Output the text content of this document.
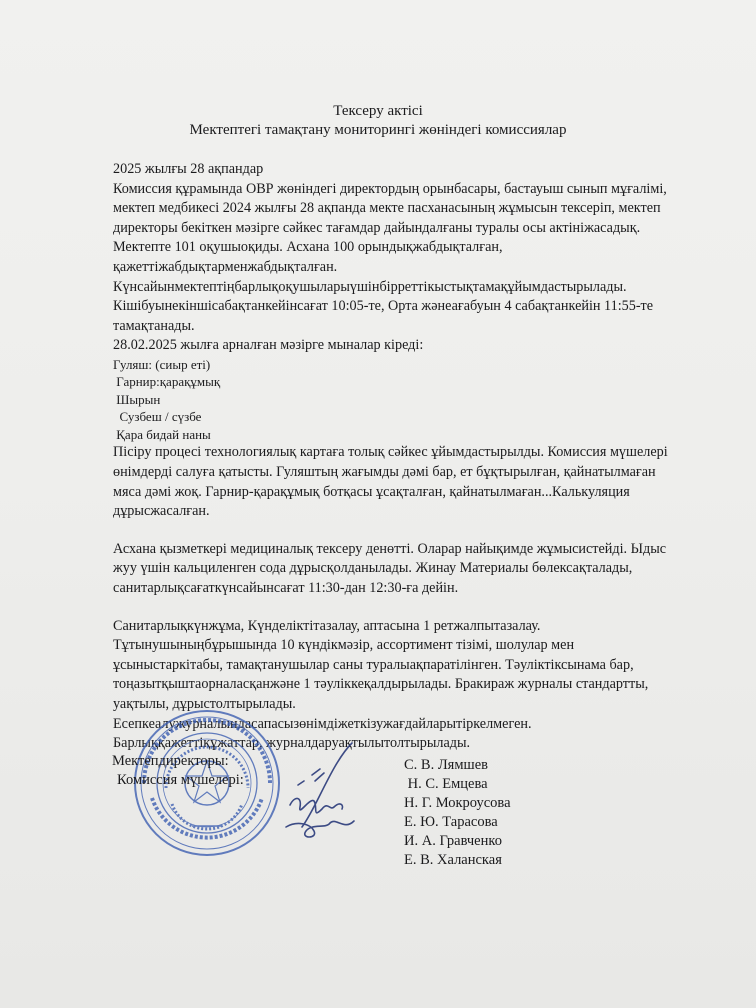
Тексеру актісі
Мектептегі тамақтану мониторингі жөніндегі комиссиялар

2025 жылғы 28 ақпандар

Комиссия құрамында ОВР жөніндегі директордың орынбасары, бастауыш сынып мұғалімі, мектеп медбикесі 2024 жылғы 28 ақпанда мекте пасханасының жұмысын тексеріп, мектеп директоры бекіткен мәзірге сәйкес тағамдар дайындалғаны туралы осы актініжасадық. Мектепте 101 оқушыоқиды. Асхана 100 орындықжабдықталған, қажеттіжабдықтарменжабдықталған.

Күнсайынмектептіңбарлықоқушыларыүшінбірреттікыстықтамақұйымдастырылады. Кішібуынекіншісабақтанкейінсағат 10:05-те, Орта жәнеағабуын 4 сабақтанкейін 11:55-те тамақтанады.

28.02.2025 жылға арналған мәзірге мыналар кіреді:

Гуляш: (сиыр еті)

Гарнир:қарақұмық

Шырын

Сузбеш / сүзбе

Қара бидай наны

Пісіру процесі технологиялық картаға толық сәйкес ұйымдастырылды. Комиссия мүшелері өнімдерді салуға қатысты. Гуляштың жағымды дәмі бар, ет бұқтырылған, қайнатылмаған мяса дәмі жоқ. Гарнир-қарақұмық ботқасы ұсақталған, қайнатылмаған...Калькуляция дұрысжасалған.

Асхана қызметкері медициналық тексеру денөтті. Оларар найықимде жұмысистейді. Ыдыс жуу үшін кальциленген сода дұрысқолданылады. Жинау Материалы бөлексақталады, санитарлықсағаткүнсайынсағат 11:30-дан 12:30-ға дейін.

Санитарлықкүнжұма, Күнделіктітазалау, аптасына 1 ретжалпытазалау. Тұтынушыныңбұрышында 10 күндікмәзір, ассортимент тізімі, шолулар мен ұсыныстаркітабы, тамақтанушылар саны туралыақпаратілінген. Тәуліктіксынама бар, тоңазытқыштаорналасқанжәне 1 тәуліккеқалдырылады. Бракираж журналы стандартты, уақтылы, дұрыстолтырылады.

Есепкеалужурналындасапасызөнімдіжеткізужағдайларытіркелмеген.

Барлыққажеттіқұжаттар, журналдаруақтылытолтырылады.

Мектепдиректоры:
Комиссия мүшелері:
С. В. Лямшев
Н. С. Емцева
Н. Г. Мокроусова
Е. Ю. Тарасова
И. А. Гравченко
Е. В. Халанская
